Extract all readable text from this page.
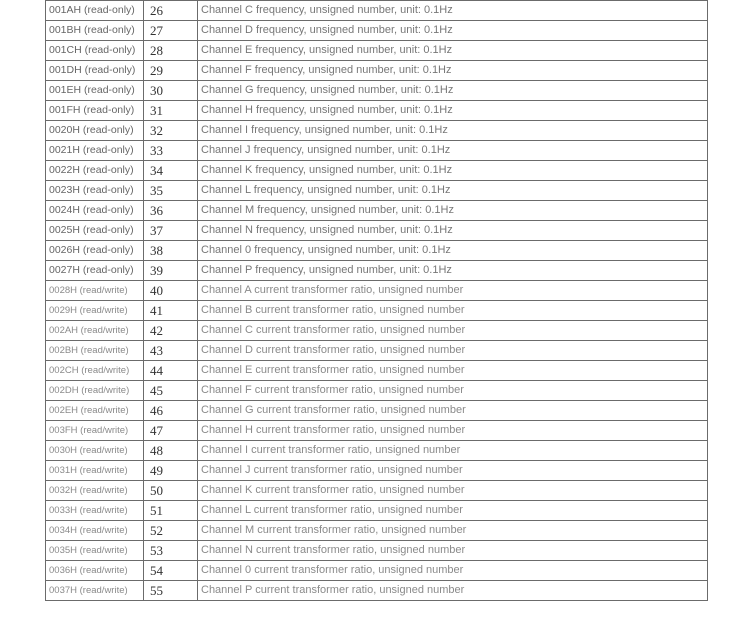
001AH (read-only)	26	Channel C frequency, unsigned number, unit: 0.1Hz
001BH (read-only)	27	Channel D frequency, unsigned number, unit: 0.1Hz
001CH (read-only)	28	Channel E frequency, unsigned number, unit: 0.1Hz
001DH (read-only)	29	Channel F frequency, unsigned number, unit: 0.1Hz
001EH (read-only)	30	Channel G frequency, unsigned number, unit: 0.1Hz
001FH (read-only)	31	Channel H frequency, unsigned number, unit: 0.1Hz
0020H (read-only)	32	Channel I frequency, unsigned number, unit: 0.1Hz
0021H (read-only)	33	Channel J frequency, unsigned number, unit: 0.1Hz
0022H (read-only)	34	Channel K frequency, unsigned number, unit: 0.1Hz
0023H (read-only)	35	Channel L frequency, unsigned number, unit: 0.1Hz
0024H (read-only)	36	Channel M frequency, unsigned number, unit: 0.1Hz
0025H (read-only)	37	Channel N frequency, unsigned number, unit: 0.1Hz
0026H (read-only)	38	Channel 0 frequency, unsigned number, unit: 0.1Hz
0027H (read-only)	39	Channel P frequency, unsigned number, unit: 0.1Hz
0028H (read/write)	40	Channel A current transformer ratio, unsigned number
0029H (read/write)	41	Channel B current transformer ratio, unsigned number
002AH (read/write)	42	Channel C current transformer ratio, unsigned number
002BH (read/write)	43	Channel D current transformer ratio, unsigned number
002CH (read/write)	44	Channel E current transformer ratio, unsigned number
002DH (read/write)	45	Channel F current transformer ratio, unsigned number
002EH (read/write)	46	Channel G current transformer ratio, unsigned number
003FH (read/write)	47	Channel H current transformer ratio, unsigned number
0030H (read/write)	48	Channel I current transformer ratio, unsigned number
0031H (read/write)	49	Channel J current transformer ratio, unsigned number
0032H (read/write)	50	Channel K current transformer ratio, unsigned number
0033H (read/write)	51	Channel L current transformer ratio, unsigned number
0034H (read/write)	52	Channel M current transformer ratio, unsigned number
0035H (read/write)	53	Channel N current transformer ratio, unsigned number
0036H (read/write)	54	Channel 0 current transformer ratio, unsigned number
0037H (read/write)	55	Channel P current transformer ratio, unsigned number
